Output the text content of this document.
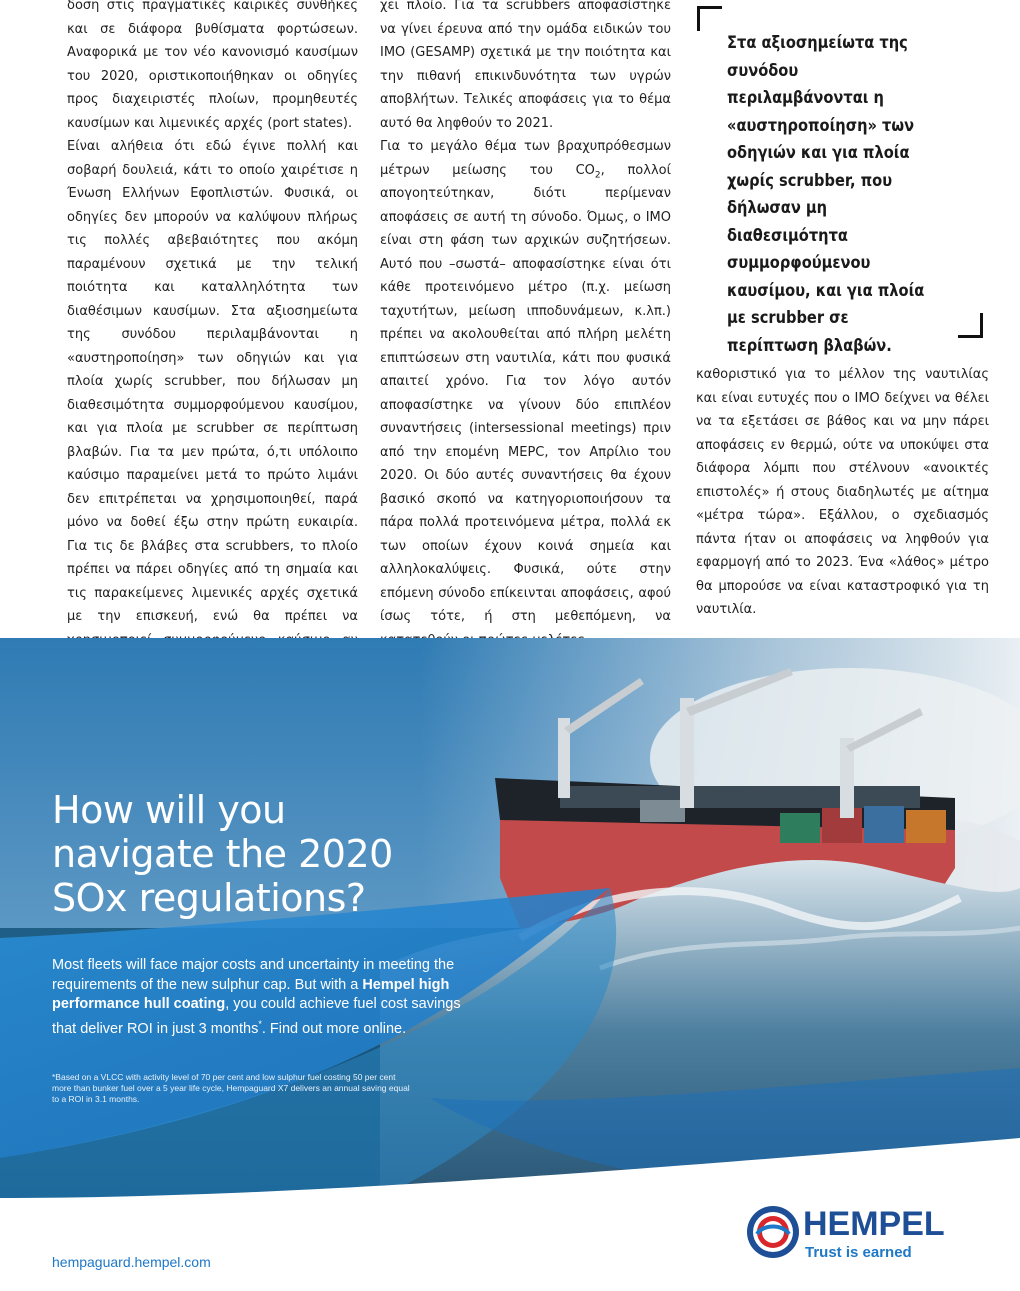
δοση στις πραγματικές καιρικές συνθήκες και σε διάφορα βυθίσματα φορτώσεων. Αναφορικά με τον νέο κανονισμό καυσίμων του 2020, οριστικοποιήθηκαν οι οδηγίες προς διαχειριστές πλοίων, προμηθευτές καυσίμων και λιμενικές αρχές (port states).

Είναι αλήθεια ότι εδώ έγινε πολλή και σοβαρή δουλειά, κάτι το οποίο χαιρέτισε η Ένωση Ελλήνων Εφοπλιστών. Φυσικά, οι οδηγίες δεν μπορούν να καλύψουν πλήρως τις πολλές αβεβαιότητες που ακόμη παραμένουν σχετικά με την τελική ποιότητα και καταλληλότητα των διαθέσιμων καυσίμων. Στα αξιοσημείωτα της συνόδου περιλαμβάνονται η «αυστηροποίηση» των οδηγιών και για πλοία χωρίς scrubber, που δήλωσαν μη διαθεσιμότητα συμμορφούμενου καυσίμου, και για πλοία με scrubber σε περίπτωση βλαβών. Για τα μεν πρώτα, ό,τι υπόλοιπο καύσιμο παραμείνει μετά το πρώτο λιμάνι δεν επιτρέπεται να χρησιμοποιηθεί, παρά μόνο να δοθεί έξω στην πρώτη ευκαιρία. Για τις δε βλάβες στα scrubbers, το πλοίο πρέπει να πάρει οδηγίες από τη σημαία και τις παρακείμενες λιμενικές αρχές σχετικά με την επισκευή, ενώ θα πρέπει να

χει πλοίο. Για τα scrubbers αποφασίστηκε να γίνει έρευνα από την ομάδα ειδικών του IMO (GESAMP) σχετικά με την ποιότητα και την πιθανή επικινδυνότητα των υγρών αποβλήτων. Τελικές αποφάσεις για το θέμα αυτό θα ληφθούν το 2021.

Για το μεγάλο θέμα των βραχυπρόθεσμων μέτρων μείωσης του $CO_2$, πολλοί απογοητεύτηκαν, διότι περίμεναν αποφάσεις σε αυτή τη σύνοδο. Όμως, ο IMO είναι στη φάση των αρχικών συζητήσεων. Αυτό που –σωστά– αποφασίστηκε είναι ότι κάθε προτεινόμενο μέτρο (π.χ. μείωση ταχυτήτων, μείωση ιπποδυνάμεων, κ.λπ.) πρέπει να ακολουθείται από πλήρη μελέτη επιπτώσεων στη ναυτιλία, κάτι που φυσικά απαιτεί χρόνο. Για τον λόγο αυτόν αποφασίστηκε να γίνουν δύο επιπλέον συναντήσεις (intersessional meetings) πριν από την επομένη MEPC, τον Απρίλιο του 2020. Οι δύο αυτές συναντήσεις θα έχουν βασικό σκοπό να κατηγοριοποιήσουν τα πάρα πολλά προτεινόμενα μέτρα, πολλά εκ των οποίων έχουν κοινά σημεία και αλληλοκαλύψεις. Φυσικά, ούτε στην επόμενη σύνοδο επίκεινται αποφάσεις, αφού ίσως τότε, ή στη μεθεπόμενη, να

Στα αξιοσημείωτα της συνόδου περιλαμβάνονται η «αυστηροποίηση» των οδηγιών και για πλοία χωρίς scrubber, που δήλωσαν μη διαθεσιμότητα συμμορφούμενου καυσίμου, και για πλοία με scrubber σε περίπτωση βλαβών.

καθοριστικό για το μέλλον της ναυτιλίας και είναι ευτυχές που ο IMO δείχνει να θέλει να τα εξετάσει σε βάθος και να μην πάρει αποφάσεις εν θερμώ, ούτε να υποκύψει στα διάφορα λόμπι που στέλνουν «ανοικτές επιστολές» ή στους διαδηλωτές με αίτημα «μέτρα τώρα». Εξάλλου, ο σχεδιασμός πάντα ήταν οι αποφάσεις να ληφθούν για εφαρμογή από το 2023. Ένα «λάθος» μέτρο θα μπορούσε να είναι καταστροφικό για τη ναυτιλία.

How will you
navigate the 2020
SOx regulations?

Most fleets will face major costs and uncertainty in meeting the requirements of the new sulphur cap. But with a Hempel high performance hull coating, you could achieve fuel cost savings that deliver ROI in just 3 months*. Find out more online.

*Based on a VLCC with activity level of 70 per cent and low sulphur fuel costing 50 per cent more than bunker fuel over a 5 year life cycle, Hempaguard X7 delivers an annual saving equal to a ROI in 3.1 months.

hempaguard.hempel.com

HEMPEL

Trust is earned
